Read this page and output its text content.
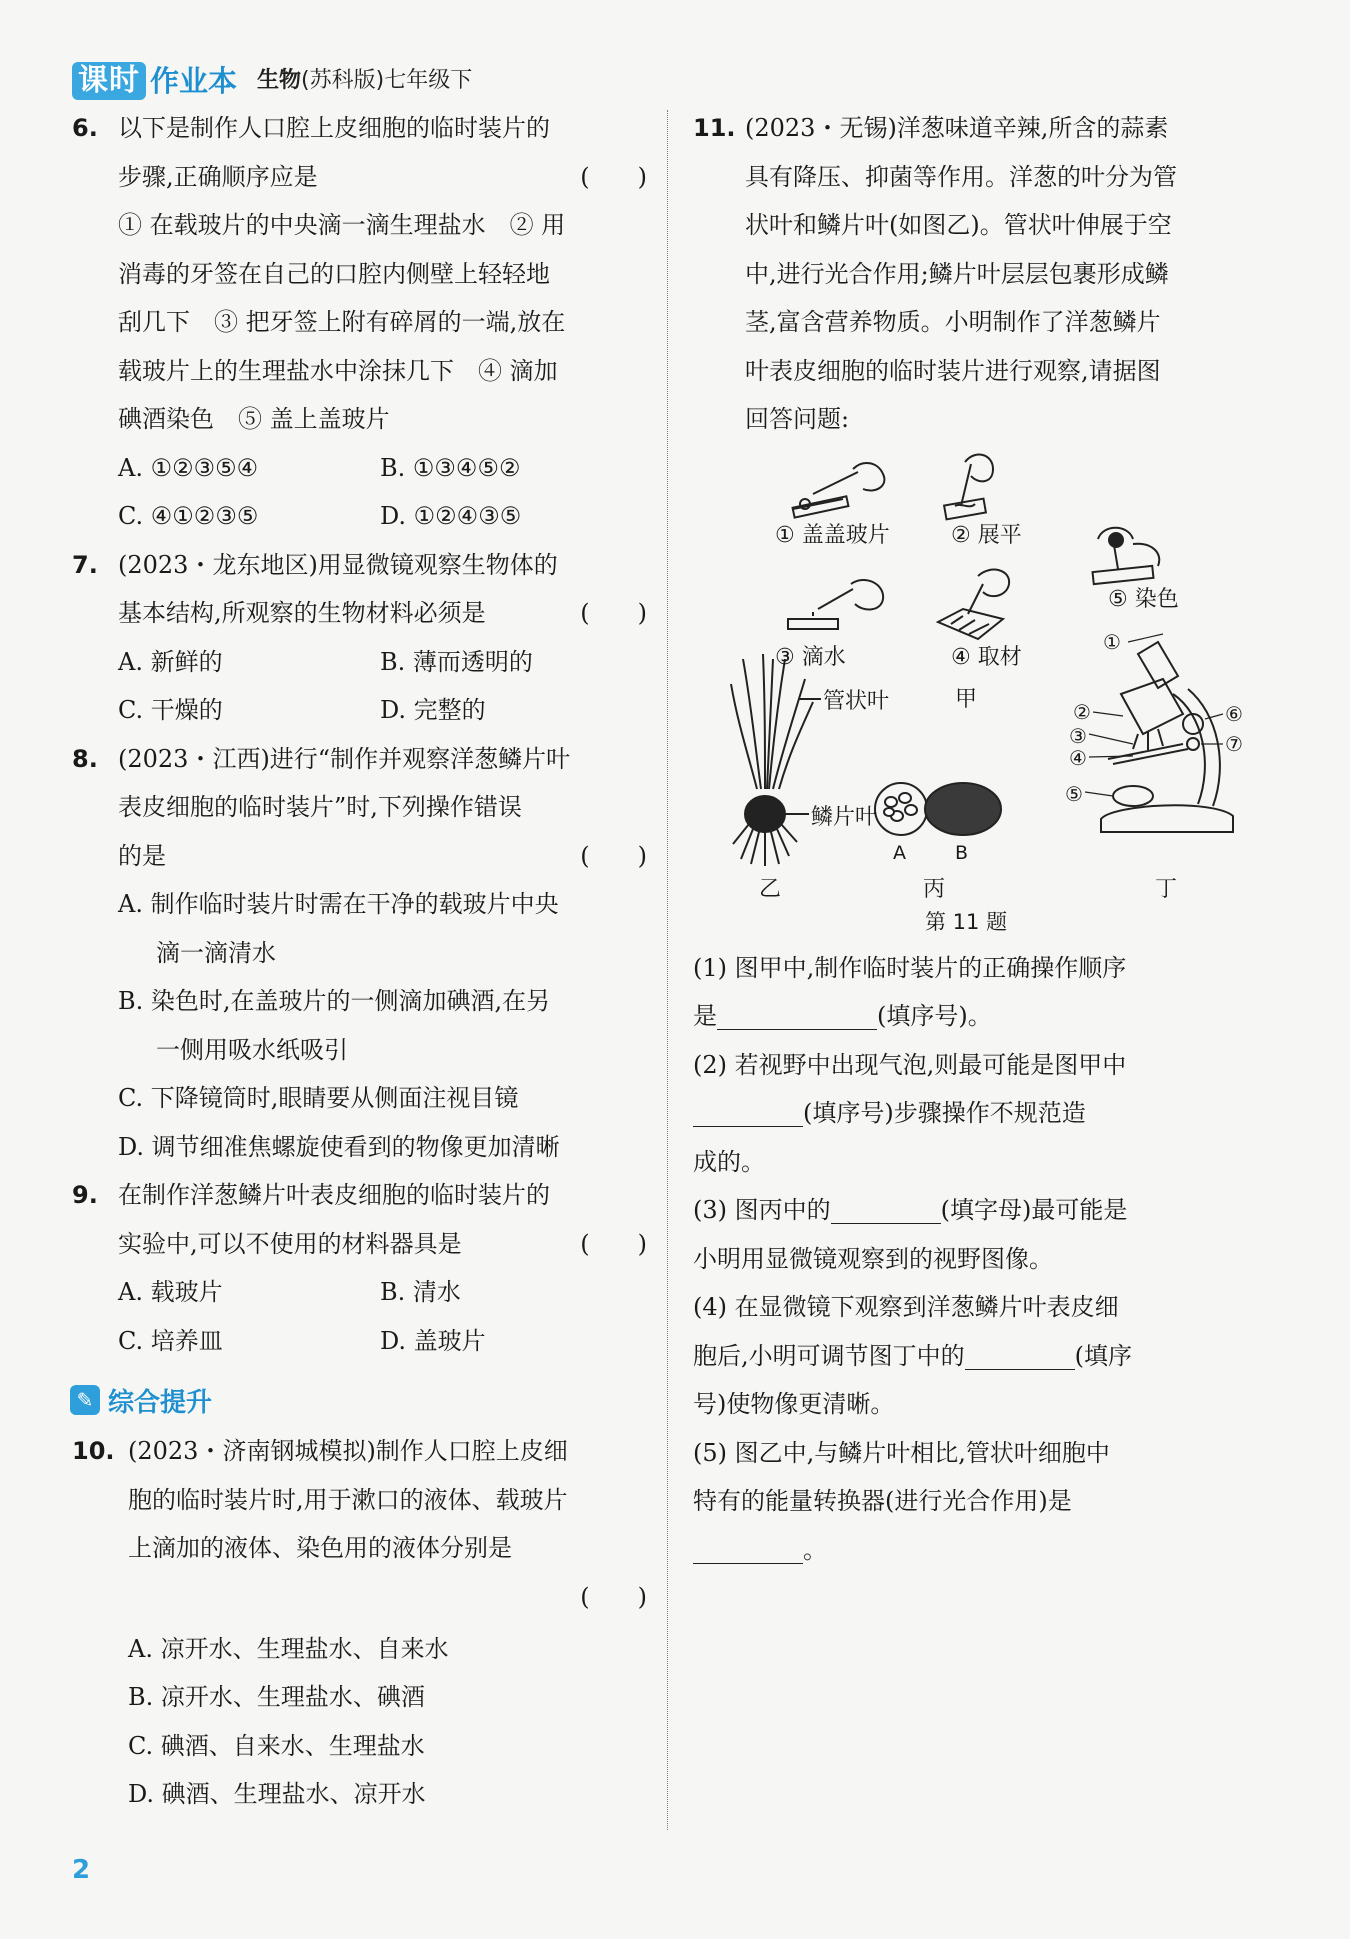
课时 作业本 生物(苏科版)七年级下
6. 以下是制作人口腔上皮细胞的临时装片的
步骤,正确顺序应是	(　　)
① 在载玻片的中央滴一滴生理盐水　② 用
消毒的牙签在自己的口腔内侧壁上轻轻地
刮几下　③ 把牙签上附有碎屑的一端,放在
载玻片上的生理盐水中涂抹几下　④ 滴加
碘酒染色　⑤ 盖上盖玻片
A. ①②③⑤④	B. ①③④⑤②
C. ④①②③⑤	D. ①②④③⑤
7. (2023・龙东地区)用显微镜观察生物体的
基本结构,所观察的生物材料必须是	(　　)
A. 新鲜的	B. 薄而透明的
C. 干燥的	D. 完整的
8. (2023・江西)进行“制作并观察洋葱鳞片叶
表皮细胞的临时装片”时,下列操作错误
的是	(　　)
A. 制作临时装片时需在干净的载玻片中央
滴一滴清水
B. 染色时,在盖玻片的一侧滴加碘酒,在另
一侧用吸水纸吸引
C. 下降镜筒时,眼睛要从侧面注视目镜
D. 调节细准焦螺旋使看到的物像更加清晰
9. 在制作洋葱鳞片叶表皮细胞的临时装片的
实验中,可以不使用的材料器具是	(　　)
A. 载玻片	B. 清水
C. 培养皿	D. 盖玻片
✎ 综合提升
10. (2023・济南钢城模拟)制作人口腔上皮细
胞的临时装片时,用于漱口的液体、载玻片
上滴加的液体、染色用的液体分别是
(　　)
A. 凉开水、生理盐水、自来水
B. 凉开水、生理盐水、碘酒
C. 碘酒、自来水、生理盐水
D. 碘酒、生理盐水、凉开水
11. (2023・无锡)洋葱味道辛辣,所含的蒜素
具有降压、抑菌等作用。洋葱的叶分为管
状叶和鳞片叶(如图乙)。管状叶伸展于空
中,进行光合作用;鳞片叶层层包裹形成鳞
茎,富含营养物质。小明制作了洋葱鳞片
叶表皮细胞的临时装片进行观察,请据图
回答问题:
① 盖盖玻片	② 展平
⑤ 染色
③ 滴水	④ 取材
甲
管状叶
鳞片叶
乙
A	B
丙
①
②
③
④
⑤
⑥
⑦
丁
第 11 题
(1) 图甲中,制作临时装片的正确操作顺序
是	(填序号)。
(2) 若视野中出现气泡,则最可能是图甲中
(填序号)步骤操作不规范造
成的。
(3) 图丙中的	(填字母)最可能是
小明用显微镜观察到的视野图像。
(4) 在显微镜下观察到洋葱鳞片叶表皮细
胞后,小明可调节图丁中的	(填序
号)使物像更清晰。
(5) 图乙中,与鳞片叶相比,管状叶细胞中
特有的能量转换器(进行光合作用)是
。
2
